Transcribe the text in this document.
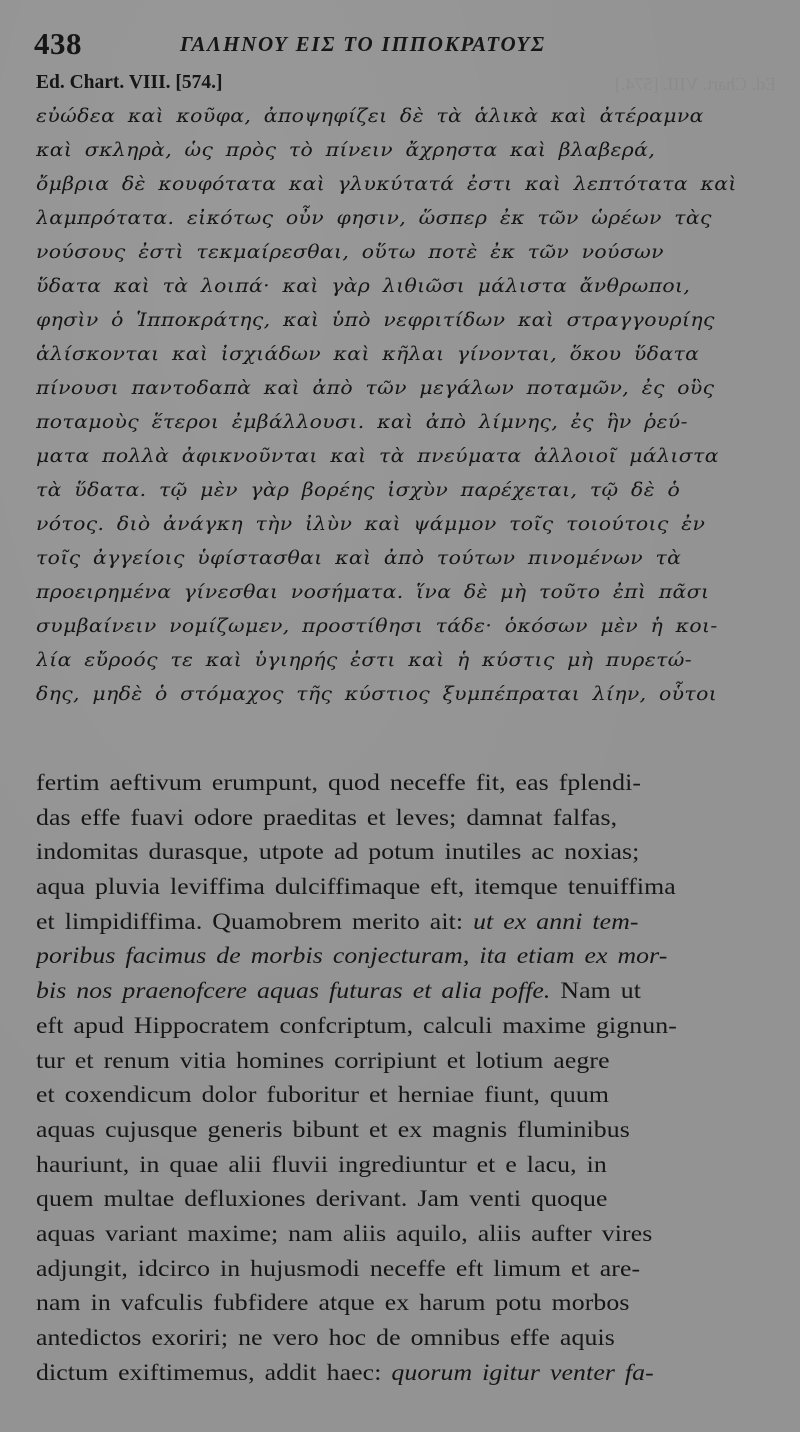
438	ΓΑΛΗΝΟΥ ΕΙΣ ΤΟ ΙΠΠΟΚΡΑΤΟΥΣ
Ed. Chart. VIII. [574.]
Ed. Chart. VIII. [574.]
εὐώδεα καὶ κοῦφα, ἀποψηφίζει δὲ τὰ ἁλικὰ καὶ ἀτέραμνα
καὶ σκληρὰ, ὡς πρὸς τὸ πίνειν ἄχρηστα καὶ βλαβερά,
ὄμβρια δὲ κουφότατα καὶ γλυκύτατά ἐστι καὶ λεπτότατα καὶ
λαμπρότατα. εἰκότως οὖν φησιν, ὥσπερ ἐκ τῶν ὡρέων τὰς
νούσους ἐστὶ τεκμαίρεσθαι, οὕτω ποτὲ ἐκ τῶν νούσων
ὕδατα καὶ τὰ λοιπά· καὶ γὰρ λιθιῶσι μάλιστα ἄνθρωποι,
φησὶν ὁ Ἱπποκράτης, καὶ ὑπὸ νεφριτίδων καὶ στραγγουρίης
ἁλίσκονται καὶ ἰσχιάδων καὶ κῆλαι γίνονται, ὅκου ὕδατα
πίνουσι παντοδαπὰ καὶ ἀπὸ τῶν μεγάλων ποταμῶν, ἐς οὓς
ποταμοὺς ἕτεροι ἐμβάλλουσι. καὶ ἀπὸ λίμνης, ἐς ἣν ῥεύ-
ματα πολλὰ ἀφικνοῦνται καὶ τὰ πνεύματα ἀλλοιοῖ μάλιστα
τὰ ὕδατα. τῷ μὲν γὰρ βορέης ἰσχὺν παρέχεται, τῷ δὲ ὁ
νότος. διὸ ἀνάγκη τὴν ἰλὺν καὶ ψάμμον τοῖς τοιούτοις ἐν
τοῖς ἀγγείοις ὑφίστασθαι καὶ ἀπὸ τούτων πινομένων τὰ
προειρημένα γίνεσθαι νοσήματα. ἵνα δὲ μὴ τοῦτο ἐπὶ πᾶσι
συμβαίνειν νομίζωμεν, προστίθησι τάδε· ὁκόσων μὲν ἡ κοι-
λία εὔροός τε καὶ ὑγιηρής ἐστι καὶ ἡ κύστις μὴ πυρετώ-
δης, μηδὲ ὁ στόμαχος τῆς κύστιος ξυμπέπραται λίην, οὗτοι
fertim aeftivum erumpunt, quod neceffe fit, eas fplendi-
das effe fuavi odore praeditas et leves; damnat falfas,
indomitas durasque, utpote ad potum inutiles ac noxias;
aqua pluvia leviffima dulciffimaque eft, itemque tenuiffima
et limpidiffima. Quamobrem merito ait: ut ex anni tem-
poribus facimus de morbis conjecturam, ita etiam ex mor-
bis nos praenofcere aquas futuras et alia poffe. Nam ut
eft apud Hippocratem confcriptum, calculi maxime gignun-
tur et renum vitia homines corripiunt et lotium aegre
et coxendicum dolor fuboritur et herniae fiunt, quum
aquas cujusque generis bibunt et ex magnis fluminibus
hauriunt, in quae alii fluvii ingrediuntur et e lacu, in
quem multae defluxiones derivant. Jam venti quoque
aquas variant maxime; nam aliis aquilo, aliis aufter vires
adjungit, idcirco in hujusmodi neceffe eft limum et are-
nam in vafculis fubfidere atque ex harum potu morbos
antedictos exoriri; ne vero hoc de omnibus effe aquis
dictum exiftimemus, addit haec: quorum igitur venter fa-
